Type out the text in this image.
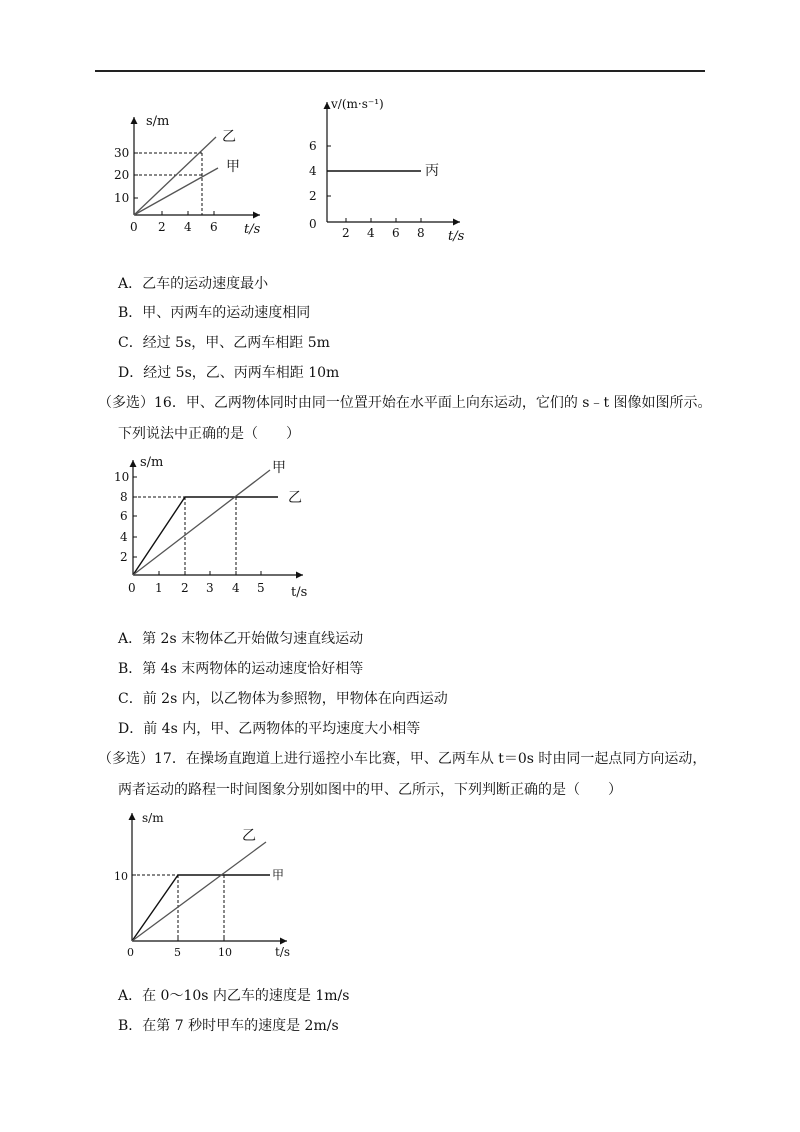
s/m
t/s
0
10
20
30
2 4 6
乙
甲
v/(m·s⁻¹)
t/s
0
2
4
6
2 4 6 8
丙
A．乙车的运动速度最小
B．甲、丙两车的运动速度相同
C．经过 5s，甲、乙两车相距 5m
D．经过 5s，乙、丙两车相距 10m
（多选）16．甲、乙两物体同时由同一位置开始在水平面上向东运动，它们的 s﹣t 图像如图所示。
下列说法中正确的是（　　）
s/m
t/s
0
2
4
6
8
10
1 2 3 4 5
甲
乙
A．第 2s 末物体乙开始做匀速直线运动
B．第 4s 末两物体的运动速度恰好相等
C．前 2s 内，以乙物体为参照物，甲物体在向西运动
D．前 4s 内，甲、乙两物体的平均速度大小相等
（多选）17．在操场直跑道上进行遥控小车比赛，甲、乙两车从 t＝0s 时由同一起点同方向运动，
两者运动的路程一时间图象分别如图中的甲、乙所示，下列判断正确的是（　　）
s/m
t/s
0
10
5	10
乙
甲
A．在 0～10s 内乙车的速度是 1m/s
B．在第 7 秒时甲车的速度是 2m/s
